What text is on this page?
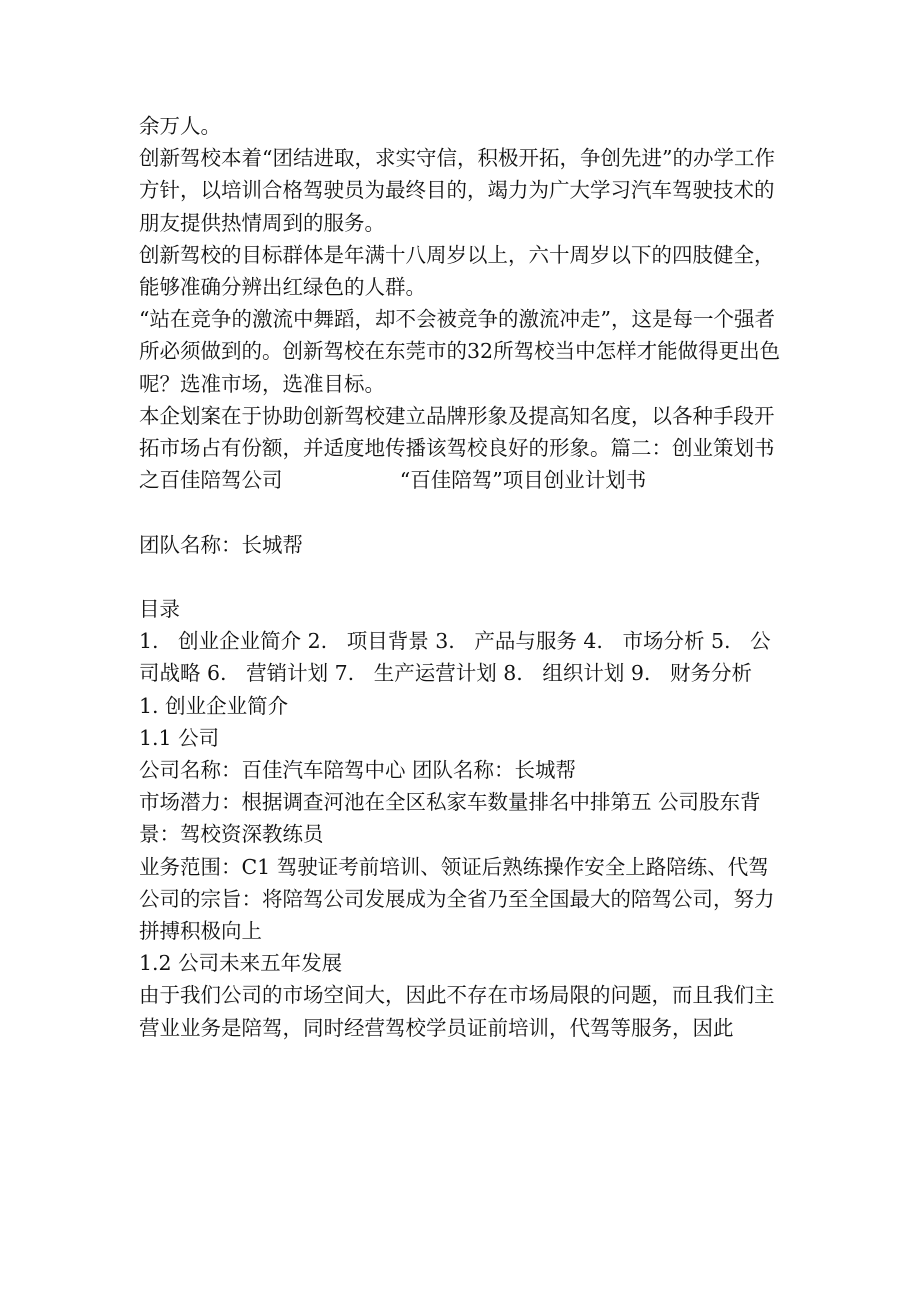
余万人。

创新驾校本着“团结进取，求实守信，积极开拓，争创先进”的办学工作方针，以培训合格驾驶员为最终目的，竭力为广大学习汽车驾驶技术的朋友提供热情周到的服务。

创新驾校的目标群体是年满十八周岁以上，六十周岁以下的四肢健全，能够准确分辨出红绿色的人群。

“站在竞争的激流中舞蹈，却不会被竞争的激流冲走”，这是每一个强者所必须做到的。创新驾校在东莞市的32所驾校当中怎样才能做得更出色呢？选准市场，选准目标。

本企划案在于协助创新驾校建立品牌形象及提高知名度，以各种手段开拓市场占有份额，并适度地传播该驾校良好的形象。篇二：创业策划书之百佳陪驾公司                  “百佳陪驾”项目创业计划书

团队名称：长城帮

目录

1.   创业企业简介 2.   项目背景 3.   产品与服务 4.   市场分析 5.   公司战略 6.   营销计划 7.   生产运营计划 8.   组织计划 9.   财务分析

1. 创业企业简介

1.1 公司

公司名称：百佳汽车陪驾中心 团队名称：长城帮

市场潜力：根据调查河池在全区私家车数量排名中排第五 公司股东背景：驾校资深教练员

业务范围：C1 驾驶证考前培训、领证后熟练操作安全上路陪练、代驾

公司的宗旨：将陪驾公司发展成为全省乃至全国最大的陪驾公司，努力拼搏积极向上

1.2 公司未来五年发展

由于我们公司的市场空间大，因此不存在市场局限的问题，而且我们主营业业务是陪驾，同时经营驾校学员证前培训，代驾等服务，因此
